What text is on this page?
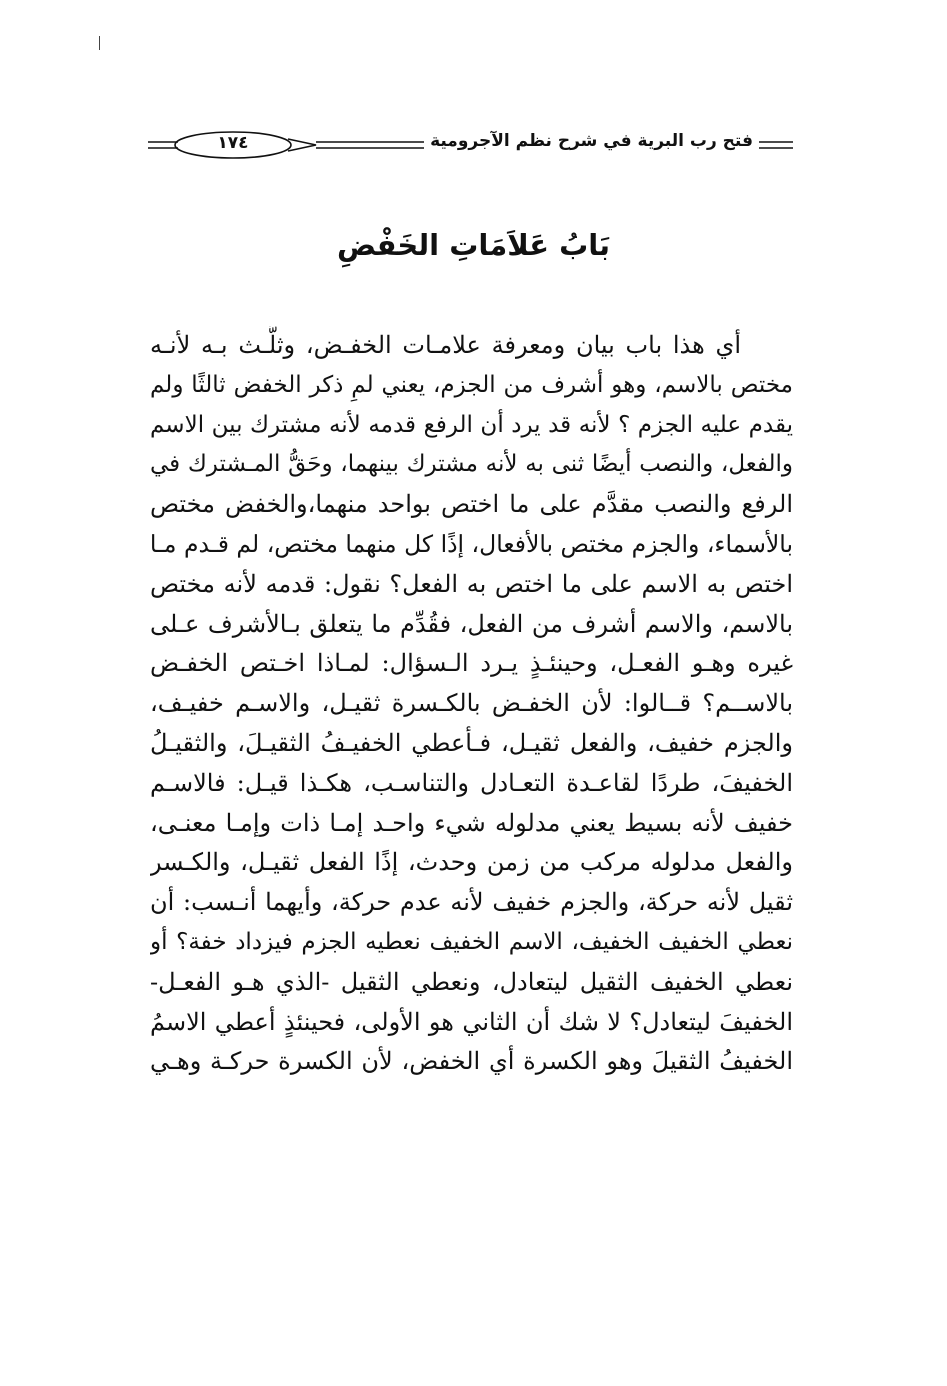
فتح رب البرية في شرح نظم الآجرومية
١٧٤
بَابُ عَلاَمَاتِ الخَفْضِ
أي هذا باب بيان ومعرفة علامـات الخفـض، وثلَّـث بـه لأنـه
مختص بالاسم، وهو أشرف من الجزم، يعني لمِ ذكر الخفض ثالثًا ولم
يقدم عليه الجزم ؟ لأنه قد يرد أن الرفع قدمه لأنه مشترك بين الاسم
والفعل، والنصب أيضًا ثنى به لأنه مشترك بينهما، وحَقُّ المـشترك في
الرفع والنصب مقدَّم على ما اختص بواحد منهما،والخفض مختص
بالأسماء، والجزم مختص بالأفعال، إذًا كل منهما مختص، لم قـدم مـا
اختص به الاسم على ما اختص به الفعل؟ نقول: قدمه لأنه مختص
بالاسم، والاسم أشرف من الفعل، فقُدِّم ما يتعلق بـالأشرف عـلى
غيره وهـو الفعـل، وحينئـذٍ يـرد الـسؤال: لمـاذا اخـتص الخفـض
بالاســم؟ قــالوا: لأن الخفـض بالكـسرة ثقيـل، والاسـم خفيـف،
والجزم خفيف، والفعل ثقيـل، فـأعطي الخفيـفُ الثقيـلَ، والثقيـلُ
الخفيفَ، طردًا لقاعـدة التعـادل والتناسـب، هكـذا قيـل: فالاسـم
خفيف لأنه بسيط يعني مدلوله شيء واحـد إمـا ذات وإمـا معنـى،
والفعل مدلوله مركب من زمن وحدث، إذًا الفعل ثقيـل، والكـسر
ثقيل لأنه حركة، والجزم خفيف لأنه عدم حركة، وأيهما أنـسب: أن
نعطي الخفيف الخفيف، الاسم الخفيف نعطيه الجزم فيزداد خفة؟ أو
نعطي الخفيف الثقيل ليتعادل، ونعطي الثقيل -الذي هـو الفعـل-
الخفيفَ ليتعادل؟ لا شك أن الثاني هو الأولى، فحينئذٍ أعطي الاسمُ
الخفيفُ الثقيلَ وهو الكسرة أي الخفض، لأن الكسرة حركـة وهـي
